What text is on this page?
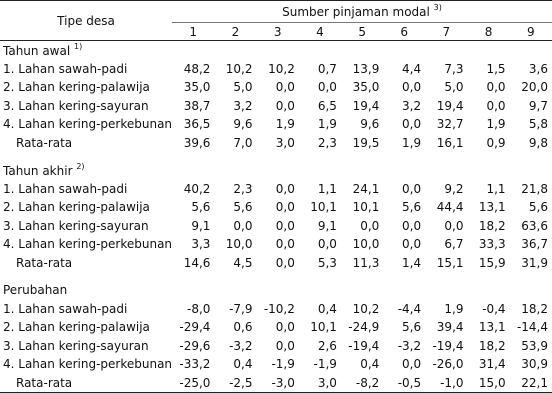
Tipe desa	Sumber pinjaman modal $^{3)}$
	1	2	3	4	5	6	7	8	9
Tahun awal $^{1)}$
1. Lahan sawah-padi	48,2	10,2	10,2	0,7	13,9	4,4	7,3	1,5	3,6
2. Lahan kering-palawija	35,0	5,0	0,0	0,0	35,0	0,0	5,0	0,0	20,0
3. Lahan kering-sayuran	38,7	3,2	0,0	6,5	19,4	3,2	19,4	0,0	9,7
4. Lahan kering-perkebunan	36,5	9,6	1,9	1,9	9,6	0,0	32,7	1,9	5,8
Rata-rata	39,6	7,0	3,0	2,3	19,5	1,9	16,1	0,9	9,8

Tahun akhir $^{2)}$
1. Lahan sawah-padi	40,2	2,3	0,0	1,1	24,1	0,0	9,2	1,1	21,8
2. Lahan kering-palawija	5,6	5,6	0,0	10,1	10,1	5,6	44,4	13,1	5,6
3. Lahan kering-sayuran	9,1	0,0	0,0	9,1	0,0	0,0	0,0	18,2	63,6
4. Lahan kering-perkebunan	3,3	10,0	0,0	0,0	10,0	0,0	6,7	33,3	36,7
Rata-rata	14,6	4,5	0,0	5,3	11,3	1,4	15,1	15,9	31,9

Perubahan									
1. Lahan sawah-padi	-8,0	-7,9	-10,2	0,4	10,2	-4,4	1,9	-0,4	18,2
2. Lahan kering-palawija	-29,4	0,6	0,0	10,1	-24,9	5,6	39,4	13,1	-14,4
3. Lahan kering-sayuran	-29,6	-3,2	0,0	2,6	-19,4	-3,2	-19,4	18,2	53,9
4. Lahan kering-perkebunan	-33,2	0,4	-1,9	-1,9	0,4	0,0	-26,0	31,4	30,9
Rata-rata	-25,0	-2,5	-3,0	3,0	-8,2	-0,5	-1,0	15,0	22,1
